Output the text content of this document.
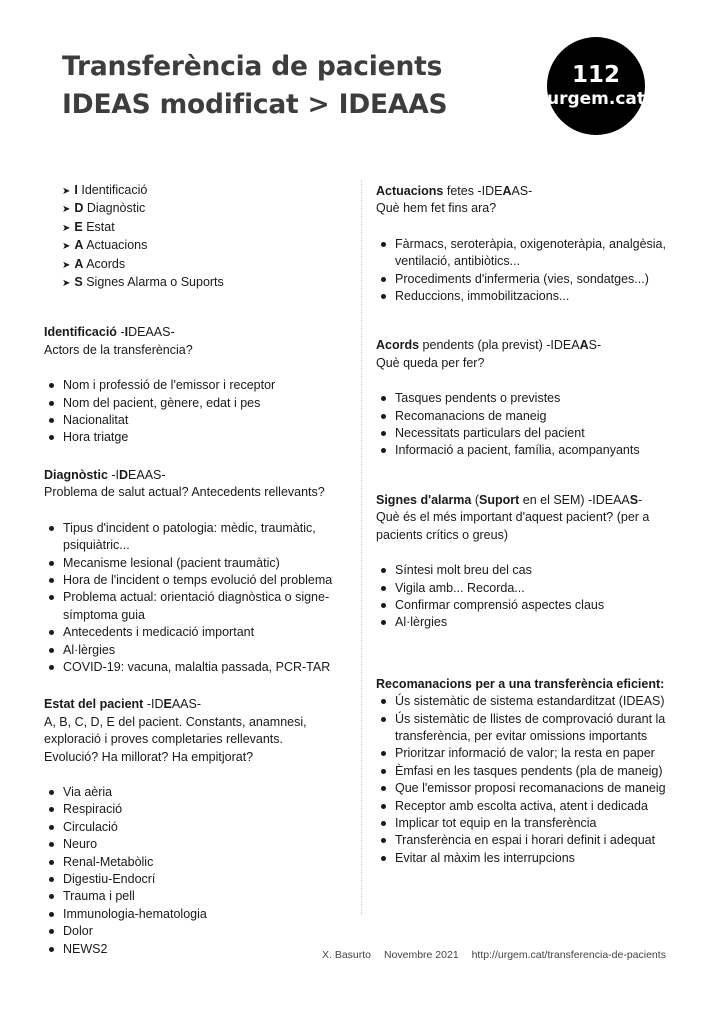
Transferència de pacients
IDEAS modificat > IDEAAS
112
urgem.cat
➤ I Identificació
➤ D Diagnòstic
➤ E Estat
➤ A Actuacions
➤ A Acords
➤ S Signes Alarma o Suports
Identificació -IDEAAS-
Actors de la transferència?
Nom i professió de l'emissor i receptor
Nom del pacient, gènere, edat i pes
Nacionalitat
Hora triatge
Diagnòstic -IDEAAS-
Problema de salut actual? Antecedents rellevants?
Tipus d'incident o patologia: mèdic, traumàtic, psiquiàtric...
Mecanisme lesional (pacient traumàtic)
Hora de l'incident o temps evolució del problema
Problema actual: orientació diagnòstica o signe-símptoma guia
Antecedents i medicació important
Al·lèrgies
COVID-19: vacuna, malaltia passada, PCR-TAR
Estat del pacient -IDEAAS-
A, B, C, D, E del pacient. Constants, anamnesi,
exploració i proves completaries rellevants.
Evolució? Ha millorat? Ha empitjorat?
Via aèria
Respiració
Circulació
Neuro
Renal-Metabòlic
Digestiu-Endocrí
Trauma i pell
Immunologia-hematologia
Dolor
NEWS2
Actuacions fetes -IDEAAS-
Què hem fet fins ara?
Fàrmacs, seroteràpia, oxigenoteràpia, analgèsia, ventilació, antibiòtics...
Procediments d'infermeria (vies, sondatges...)
Reduccions, immobilitzacions...
Acords pendents (pla previst) -IDEAAS-
Què queda per fer?
Tasques pendents o previstes
Recomanacions de maneig
Necessitats particulars del pacient
Informació a pacient, família, acompanyants
Signes d'alarma (Suport en el SEM) -IDEAAS-
Què és el més important d'aquest pacient? (per a
pacients crítics o greus)
Síntesi molt breu del cas
Vigila amb... Recorda...
Confirmar comprensió aspectes claus
Al·lèrgies
Recomanacions per a una transferència eficient:
Ús sistemàtic de sistema estandarditzat (IDEAS)
Ús sistemàtic de llistes de comprovació durant la transferència, per evitar omissions importants
Prioritzar informació de valor; la resta en paper
Èmfasi en les tasques pendents (pla de maneig)
Que l'emissor proposi recomanacions de maneig
Receptor amb escolta activa, atent i dedicada
Implicar tot equip en la transferència
Transferència en espai i horari definit i adequat
Evitar al màxim les interrupcions
X. Basurto Novembre 2021 http://urgem.cat/transferencia-de-pacients
